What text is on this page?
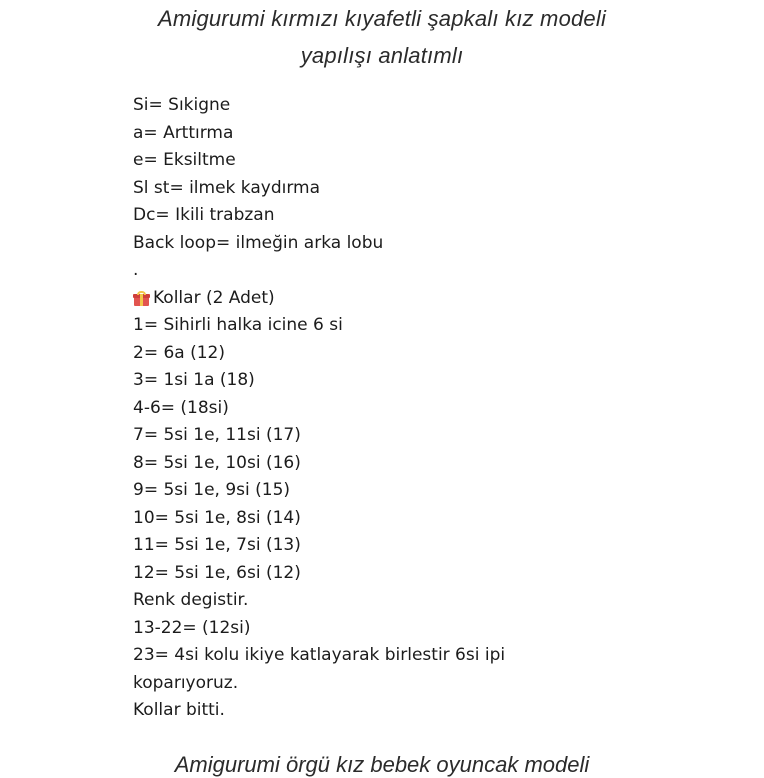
Amigurumi kırmızı kıyafetli şapkalı kız modeli
yapılışı anlatımlı
Si= Sıkigne
a= Arttırma
e= Eksiltme
Sl st= ilmek kaydırma
Dc= Ikili trabzan
Back loop= ilmeğin arka lobu
.
Kollar (2 Adet)
1= Sihirli halka icine 6 si
2= 6a (12)
3= 1si 1a (18)
4-6= (18si)
7= 5si 1e, 11si (17)
8= 5si 1e, 10si (16)
9= 5si 1e, 9si (15)
10= 5si 1e, 8si (14)
11= 5si 1e, 7si (13)
12= 5si 1e, 6si (12)
Renk degistir.
13-22= (12si)
23= 4si kolu ikiye katlayarak birlestir 6si ipi
koparıyoruz.
Kollar bitti.
Amigurumi örgü kız bebek oyuncak modeli
